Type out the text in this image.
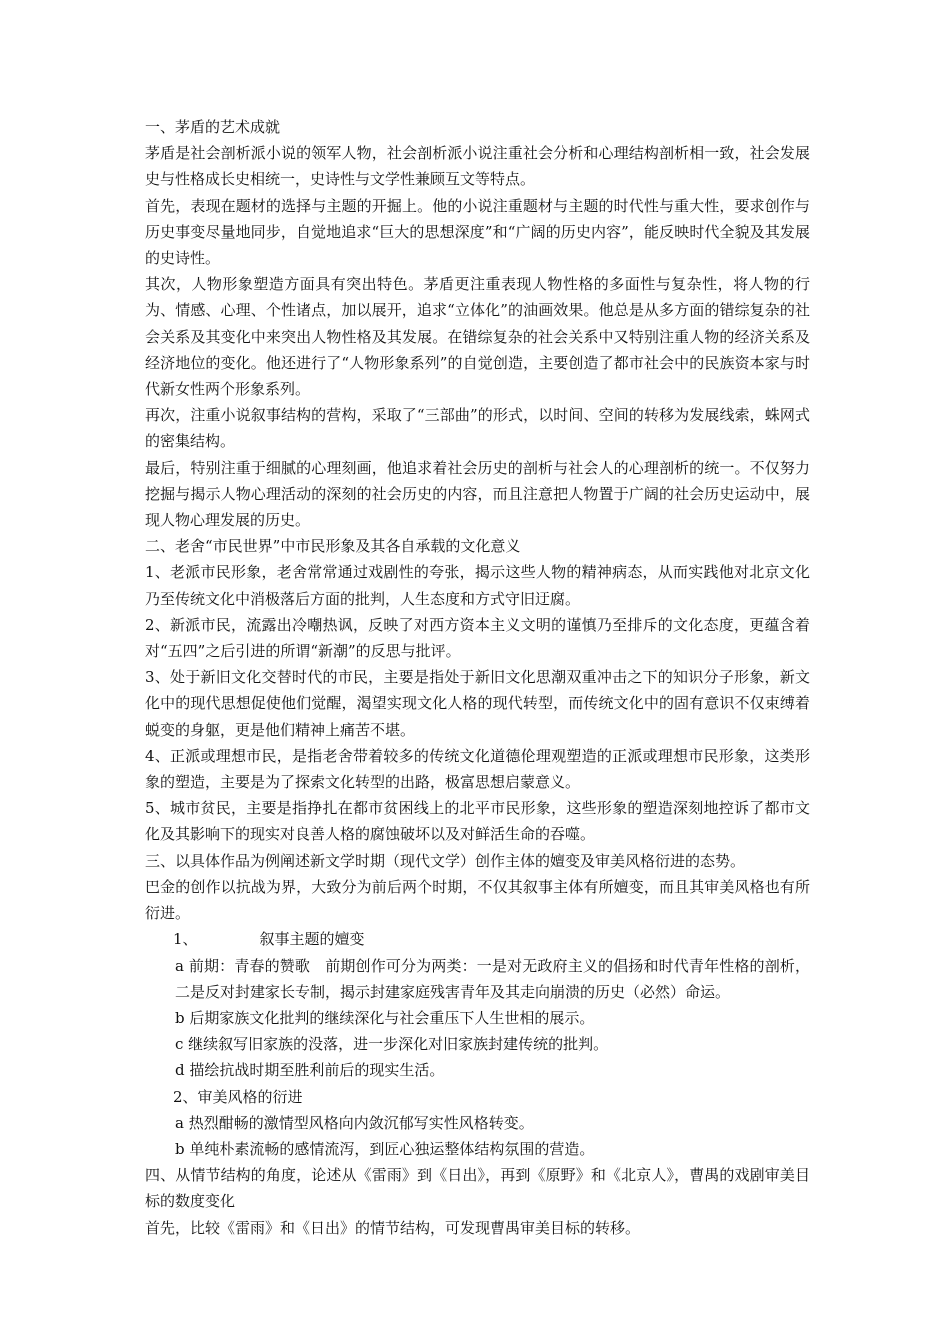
一、茅盾的艺术成就

茅盾是社会剖析派小说的领军人物，社会剖析派小说注重社会分析和心理结构剖析相一致，社会发展史与性格成长史相统一，史诗性与文学性兼顾互文等特点。

首先，表现在题材的选择与主题的开掘上。他的小说注重题材与主题的时代性与重大性，要求创作与历史事变尽量地同步，自觉地追求“巨大的思想深度”和“广阔的历史内容”，能反映时代全貌及其发展的史诗性。

其次，人物形象塑造方面具有突出特色。茅盾更注重表现人物性格的多面性与复杂性，将人物的行为、情感、心理、个性诸点，加以展开，追求“立体化”的油画效果。他总是从多方面的错综复杂的社会关系及其变化中来突出人物性格及其发展。在错综复杂的社会关系中又特别注重人物的经济关系及经济地位的变化。他还进行了“人物形象系列”的自觉创造，主要创造了都市社会中的民族资本家与时代新女性两个形象系列。

再次，注重小说叙事结构的营构，采取了“三部曲”的形式，以时间、空间的转移为发展线索，蛛网式的密集结构。

最后，特别注重于细腻的心理刻画，他追求着社会历史的剖析与社会人的心理剖析的统一。不仅努力挖掘与揭示人物心理活动的深刻的社会历史的内容，而且注意把人物置于广阔的社会历史运动中，展现人物心理发展的历史。

二、老舍“市民世界”中市民形象及其各自承载的文化意义

1、老派市民形象，老舍常常通过戏剧性的夸张，揭示这些人物的精神病态，从而实践他对北京文化乃至传统文化中消极落后方面的批判，人生态度和方式守旧迂腐。

2、新派市民，流露出冷嘲热讽，反映了对西方资本主义文明的谨慎乃至排斥的文化态度，更蕴含着对“五四”之后引进的所谓“新潮”的反思与批评。

3、处于新旧文化交替时代的市民，主要是指处于新旧文化思潮双重冲击之下的知识分子形象，新文化中的现代思想促使他们觉醒，渴望实现文化人格的现代转型，而传统文化中的固有意识不仅束缚着蜕变的身躯，更是他们精神上痛苦不堪。

4、正派或理想市民，是指老舍带着较多的传统文化道德伦理观塑造的正派或理想市民形象，这类形象的塑造，主要是为了探索文化转型的出路，极富思想启蒙意义。

5、城市贫民，主要是指挣扎在都市贫困线上的北平市民形象，这些形象的塑造深刻地控诉了都市文化及其影响下的现实对良善人格的腐蚀破坏以及对鲜活生命的吞噬。

三、以具体作品为例阐述新文学时期（现代文学）创作主体的嬗变及审美风格衍进的态势。

巴金的创作以抗战为界，大致分为前后两个时期，不仅其叙事主体有所嬗变，而且其审美风格也有所衍进。

1、	叙事主题的嬗变

a 前期：青春的赞歌　前期创作可分为两类：一是对无政府主义的倡扬和时代青年性格的剖析，二是反对封建家长专制，揭示封建家庭残害青年及其走向崩溃的历史（必然）命运。

b 后期家族文化批判的继续深化与社会重压下人生世相的展示。

c 继续叙写旧家族的没落，进一步深化对旧家族封建传统的批判。

d 描绘抗战时期至胜利前后的现实生活。

2、审美风格的衍进

a 热烈酣畅的激情型风格向内敛沉郁写实性风格转变。

b 单纯朴素流畅的感情流泻，到匠心独运整体结构氛围的营造。

四、从情节结构的角度，论述从《雷雨》到《日出》，再到《原野》和《北京人》，曹禺的戏剧审美目标的数度变化

首先，比较《雷雨》和《日出》的情节结构，可发现曹禺审美目标的转移。
